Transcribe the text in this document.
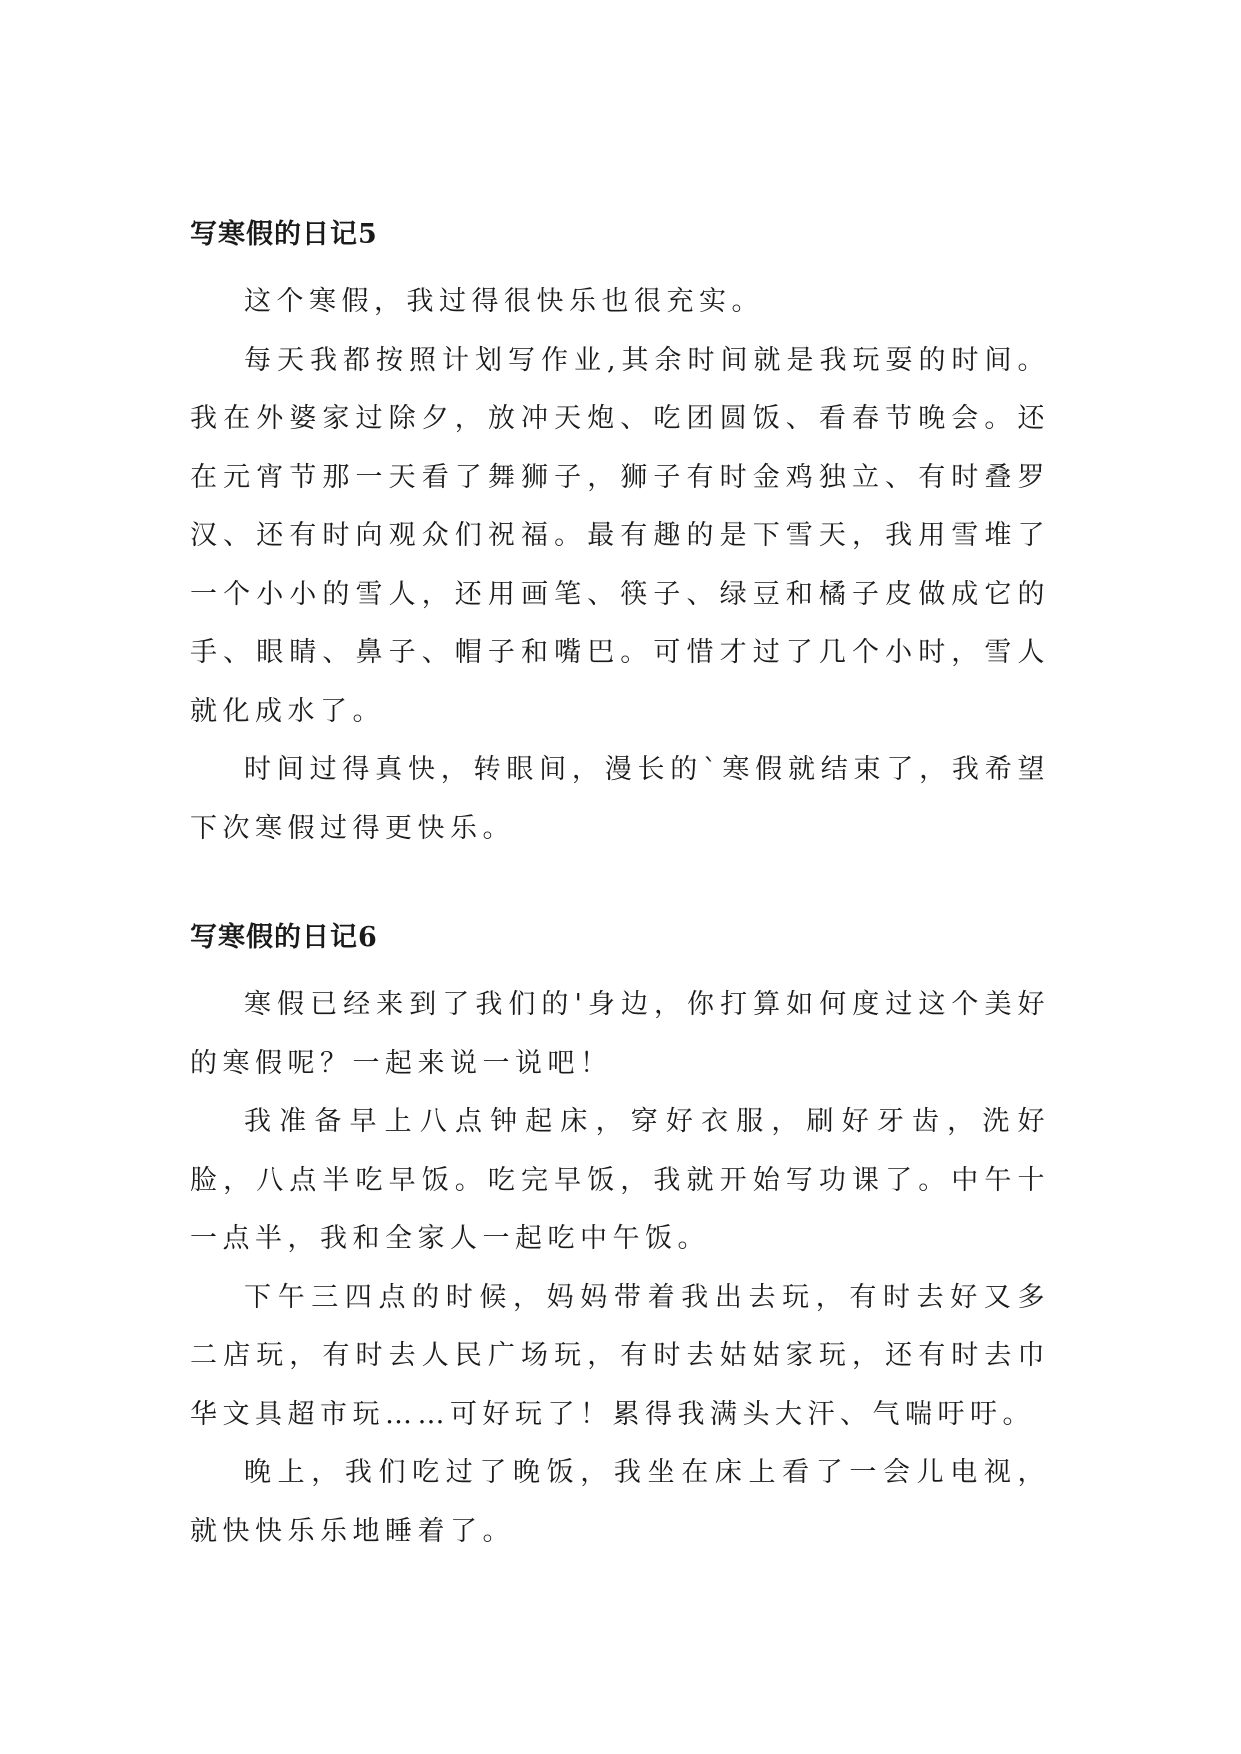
写寒假的日记5

这个寒假，我过得很快乐也很充实。

每天我都按照计划写作业,其余时间就是我玩耍的时间。我在外婆家过除夕，放冲天炮、吃团圆饭、看春节晚会。还在元宵节那一天看了舞狮子，狮子有时金鸡独立、有时叠罗汉、还有时向观众们祝福。最有趣的是下雪天，我用雪堆了一个小小的雪人，还用画笔、筷子、绿豆和橘子皮做成它的手、眼睛、鼻子、帽子和嘴巴。可惜才过了几个小时，雪人就化成水了。

时间过得真快，转眼间，漫长的`寒假就结束了，我希望下次寒假过得更快乐。

写寒假的日记6

寒假已经来到了我们的'身边，你打算如何度过这个美好的寒假呢？一起来说一说吧！

我准备早上八点钟起床，穿好衣服，刷好牙齿，洗好脸，八点半吃早饭。吃完早饭，我就开始写功课了。中午十一点半，我和全家人一起吃中午饭。

下午三四点的时候，妈妈带着我出去玩，有时去好又多二店玩，有时去人民广场玩，有时去姑姑家玩，还有时去巾华文具超市玩……可好玩了！累得我满头大汗、气喘吁吁。

晚上，我们吃过了晚饭，我坐在床上看了一会儿电视，就快快乐乐地睡着了。
